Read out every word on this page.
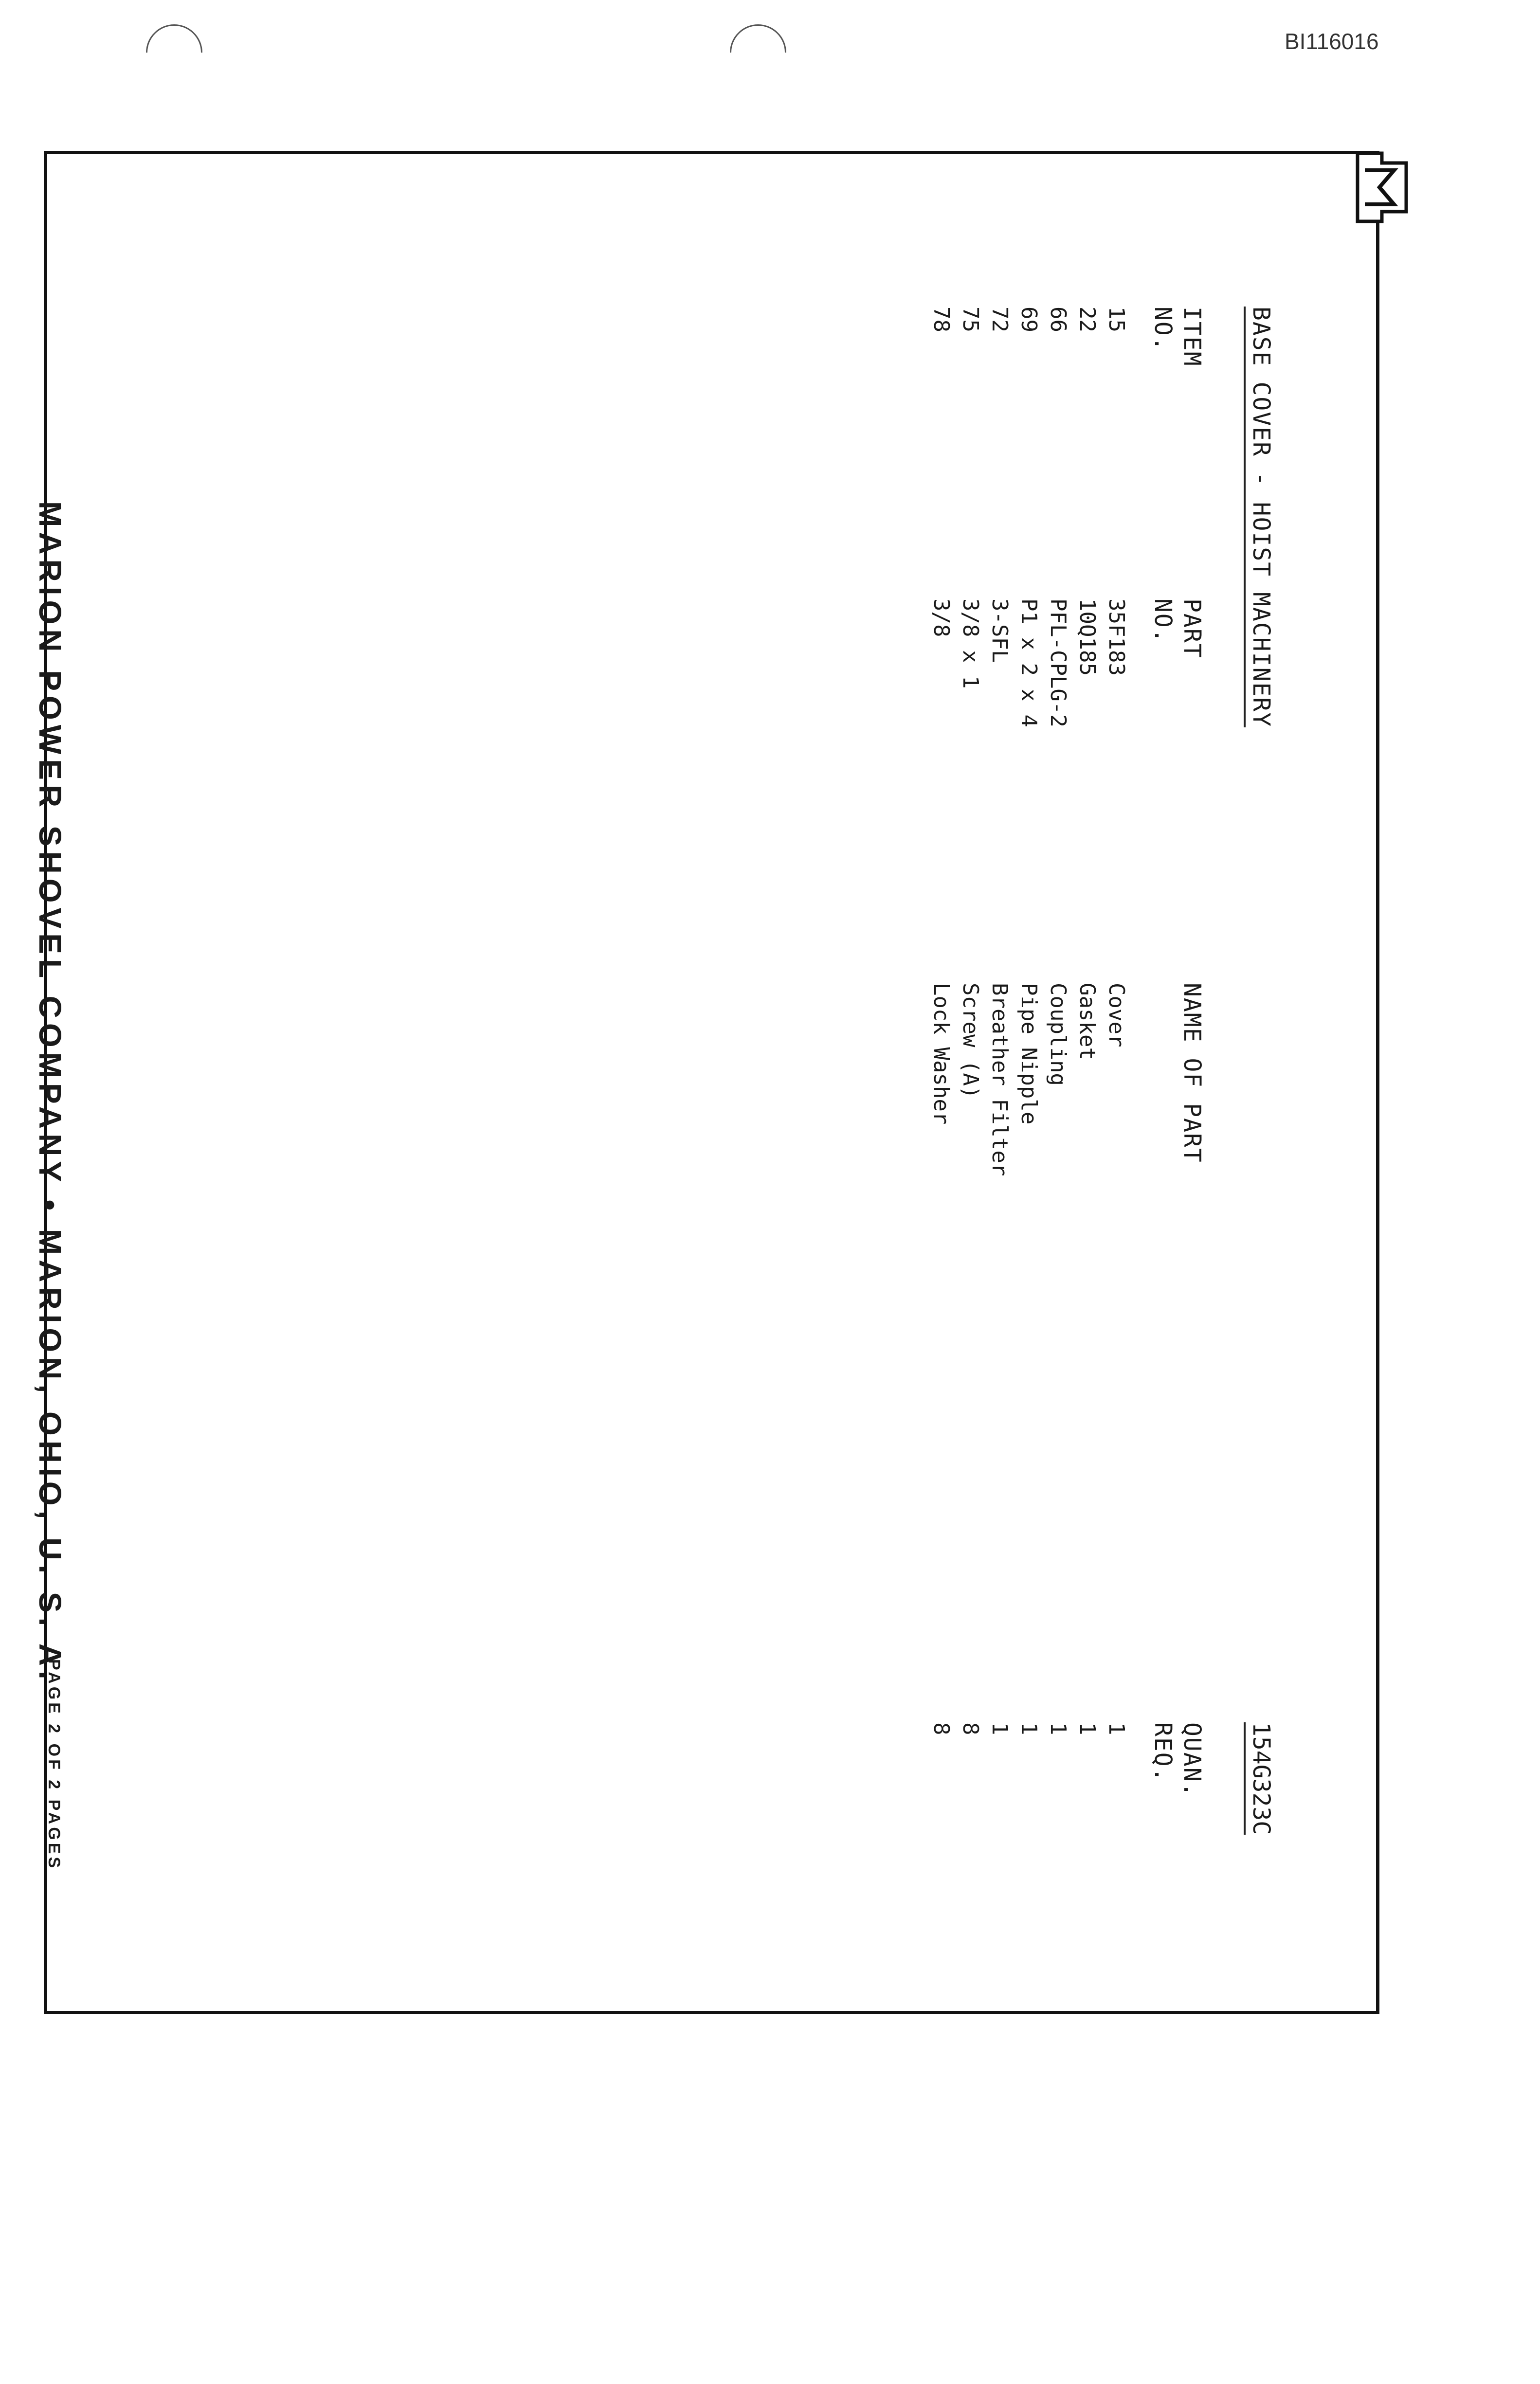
BI116016
BASE COVER - HOIST MACHINERY
154G323C
ITEM
NO.
PART
NO.
NAME OF PART
QUAN.
REQ.
15
35F183
Cover
1
22
10Q185
Gasket
1
66
PFL-CPLG-2
Coupling
1
69
P1 x 2 x 4
Pipe Nipple
1
72
3-SFL
Breather Filter
1
75
3/8 x 1
Screw (A)
8
78
3/8
Lock Washer
8
MARION POWER SHOVEL COMPANY • MARION, OHIO, U. S. A.
PAGE 2 OF 2 PAGES
